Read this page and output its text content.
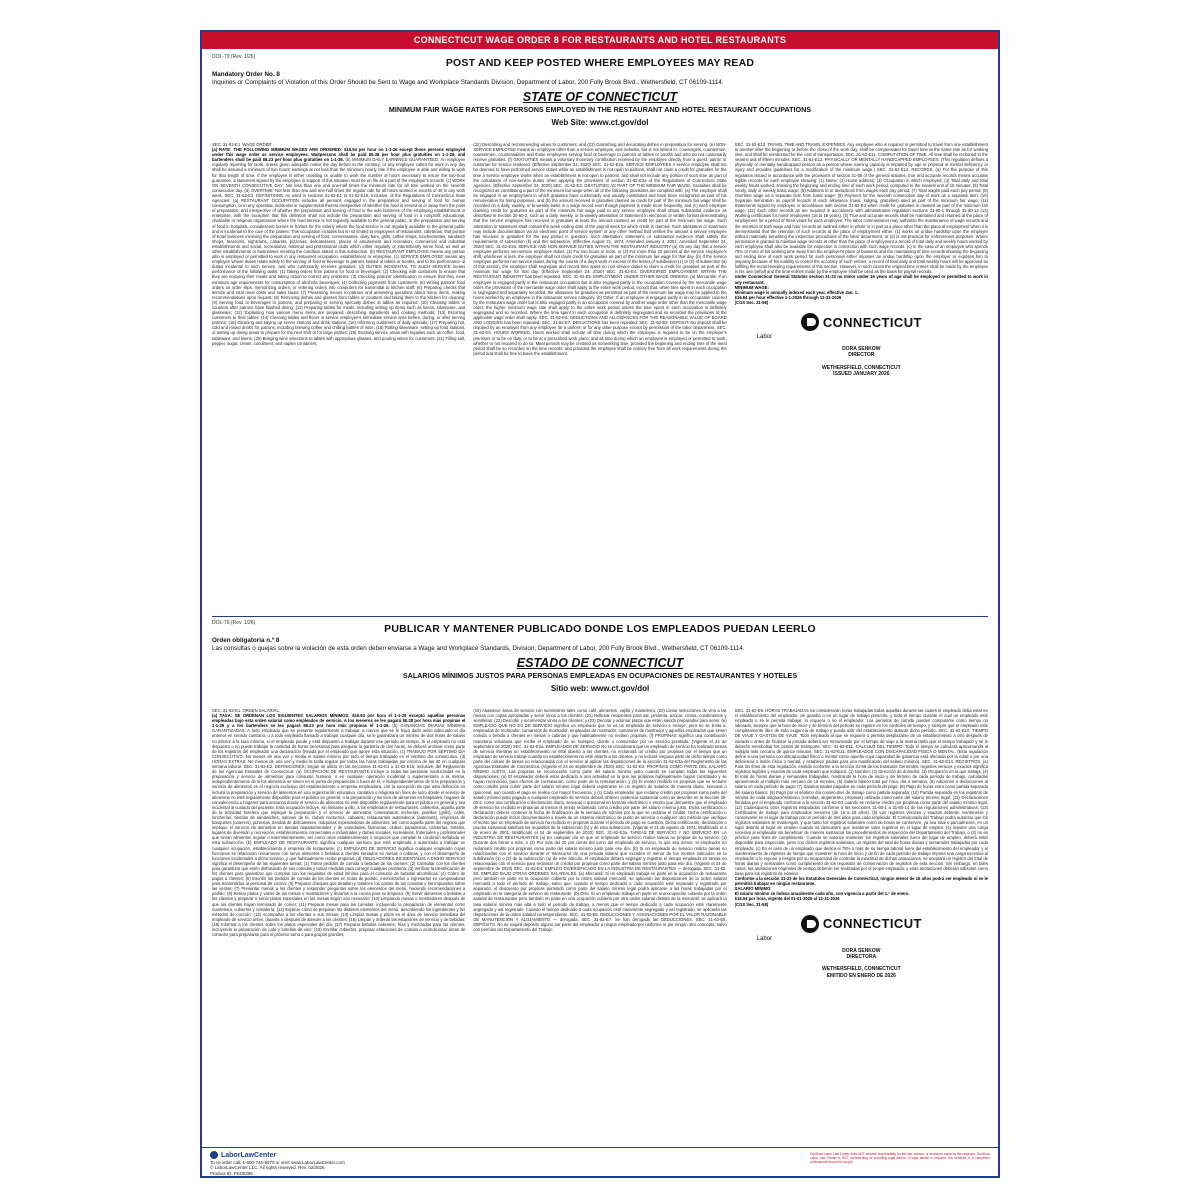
CONNECTICUT WAGE ORDER 8 FOR RESTAURANTS AND HOTEL RESTAURANTS
DOL-79 (Rev. 1/26)	POST AND KEEP POSTED WHERE EMPLOYEES MAY READ
Mandatory Order No. 8
Inquiries or Complaints of Violation of this Order Should be Sent to Wage and Workplace Standards Division, Department of Labor, 200 Folly Brook Blvd., Wethersfield, CT 06109-1114.
STATE OF CONNECTICUT
MINIMUM FAIR WAGE RATES FOR PERSONS EMPLOYED IN THE RESTAURANT AND HOTEL RESTAURANT OCCUPATIONS
Web Site: www.ct.gov/dol
SEC. 31-62-E1. WAGE ORDER:
(a) RATE: THE FOLLOWING MINIMUM WAGES ARE ORDERED: $16.94 per hour on 1-1-26 except those persons employed under this wage order as service employees. Waitpersons shall be paid $6.38 per hour plus gratuities on 1-1-26, and bartenders shall be paid $8.23 per hour plus gratuities on 1-1-26. (b) MINIMUM DAILY EARNINGS GUARANTEED: An employee regularly reporting for work, unless given adequate notice the day before to the contrary, or any employee called for work in any day shall be assured a minimum of two hours' earnings at not less than the minimum hourly rate if the employee is able and willing to work for that length of time. If the employee is either unwilling or unable to work the number of hours necessary to insure the two-hour guarantee, a statement signed by the employee in support of this situation must be on file as a part of the employer's records. (c) WORK ON SEVENTH CONSECUTIVE DAY: Not less than one and one-half times the minimum rate for all time worked on the seventh consecutive day. (d) OVERTIME: Not less than one and one-half times the regular rate for all hours worked in excess of 40 in any work week. SEC. 31-62-E2. DEFINITIONS: As used in sections 31-62-E1 to 31-62-E15, inclusive, of the Regulations of Connecticut State Agencies: (a) RESTAURANT OCCUPATION includes all persons engaged in the preparation and serving of food for human consumption, or in any operation incidental or supplemental thereto irrespective of whether the food is served at or away from the point of preparation, and irrespective of whether the preparation and serving of food is the sole business of the employing establishment or enterprise, with the exception that this definition shall not include the preparation and serving of food in a nonprofit educational, charitable or religious organization where the food service is not regularly available to the general public, or the preparation and serving of food in hospitals, convalescent homes or homes for the elderly where the food service is not regularly available to the general public and is incidental to the care of the patient. This occupation includes but is not limited to employees of restaurants, cafeterias, that portion of hotel business involving the preparation and serving of food, commissaries, dairy bars, grills, coffee shops, luncheonettes, sandwich shops, tearooms, nightclubs, cabarets, pizzerias, delicatessens, places of amusement and recreation, commercial and industrial establishments and social, recreational, fraternal and professional clubs which either regularly or intermittently serve food, as well as other establishments or businesses meeting the condition stated in this subsection. (b) RESTAURANT EMPLOYEE means any person who is employed or permitted to work in any restaurant occupation, establishment or enterprise. (c) SERVICE EMPLOYEE means any employee whose duties relate solely to the serving of food or beverage to patrons seated at tables or booths, and to the performance of duties incidental to such service, and who customarily receives gratuities. (d) DUTIES INCIDENTAL TO SUCH SERVICE means performance of the following tasks: (1) Taking orders from patrons for food or beverages; (2) Checking with customers to ensure that they are enjoying their meals and taking action to correct any problems; (3) Checking patrons' identification to ensure that they meet minimum age requirements for consumption of alcoholic beverages; (4) Collecting payments from customers; (5) Writing patrons' food orders on order slips, memorizing orders, or entering orders into computers for transmittal to kitchen staff; (6) Preparing checks that itemize and total meal costs and sales taxes; (7) Presenting menus to patrons and answering questions about menu items, making recommendations upon request; (8) Removing dishes and glasses from tables or counters and taking them to the kitchen for cleaning; (9) Serving food or beverages to patrons, and preparing or serving specialty dishes at tables as required; (10) Cleaning tables or counters after patrons have finished dining; (11) Preparing tables for meals, including setting up items such as linens, silverware, and glassware; (12) Explaining how various menu items are prepared, describing ingredients and cooking methods; (13) Escorting customers to their tables; (14) Cleaning tables and floors in service employee's immediate service area before, during, or after serving patrons; (15) Cleaning and tidying up server stations and drink stations; (16) Informing customers of daily specials; (17) Preparing hot, cold and mixed drinks for patrons, including brewing coffee and chilling bottles of wine; (18) Rolling silverware, setting up food stations, or setting up dining areas to prepare for the next shift or for large parties; (19) Stocking service areas with supplies such as coffee, food, tableware, and linens; (20) Bringing wine selections to tables with appropriate glasses, and pouring wines for customers; (21) Filling salt, pepper, sugar, cream, condiment, and napkin containers;
(22) Describing and recommending wines to customers; and (23) Garnishing and decorating dishes in preparation for serving. (e) NON-SERVICE EMPLOYEE means an employee other than a service employee, and includes, but is not limited to, countergirls, countermen, countermen, counterwaiters and those employees serving food or beverage to patrons at tables or booths and who do not customarily receive gratuities. (f) GRATUITIES means a voluntary monetary contribution received by the employee directly from a guest, patron or customer for service rendered. (Effective September 24, 2020) SEC. 31-62-E2a. SERVICE EMPLOYEES A service employee shall not be deemed to have performed service duties while an establishment is not open to patrons, shall not claim a credit for gratuities for the time a service employee works when an establishment is not open to patrons, and shall not include any portion of such time as part of the calculation of non-service duties when applying the provisions of section 31-62-E3a of the Regulations of Connecticut State Agencies. (Effective September 24, 2020) SEC. 31-62-E3. GRATUITIES AS PART OF THE MINIMUM FAIR WAGE. Gratuities shall be recognized as constituting a part of the minimum fair wage when all of the following provisions are complied with: (a) The employer shall be engaged in an employment in which gratuities have customarily and usually constituted and have been recognized as part of his remuneration for hiring purposes, and (b) the amount received in gratuities claimed as credit for part of the minimum fair wage shall be recorded on a daily, weekly, or bi-weekly basis in a wage record even though payment is made more frequently, and (c) each employer claiming credit for gratuities as part of the minimum fair wage paid to any service employee shall obtain substantial evidence as described in Section 30-60-2, such as a daily, weekly, or bi-weekly attestation or statement in electronic or written format demonstrating that the service employee has received in gratuities at least the amount claimed as credit for part of the minimum fair wage. Such attestation or statement shall contain the week ending date of the payroll week for which credit is claimed. Such attestation or statement may include documentation via an electronic point of service system or any other method that verifies the amount a service employee has received in gratuities for the pay period in question. Such attestation, statement, or substantial evidence shall satisfy the requirements of subsection (b) and this subsection. (Effective August 21, 1974; Amended January 4, 2001; Amended September 24, 2020) SEC. 31-62-E3a. SERVICE AND NON-SERVICE DUTIES WITHIN THE RESTAURANT INDUSTRY (a) On any day that a service employee performs non-service employee duties: (1) For two hours or more, or (2) For more than 20 percent of the service employee's shift, whichever is less, the employer shall not claim credit for gratuities as part of the minimum fair wage for that day. (b) If the service employee performs non-service duties during the course of a day's work in excess of the lesser of subdivision (1) or (2) of subsection (a) of this section, the employer shall segregate and record time spent on non-service duties to claim a credit for gratuities as part of the minimum fair wage for that day. (Effective September 24, 2020) SEC. 31-62-E4. DIVERSIFIED EMPLOYMENT WITHIN THE RESTAURANT INDUSTRY has been repealed. SEC. 31-62-E5. EMPLOYMENT UNDER OTHER WAGE ORDERS. (a) Mercantile: If an employee is engaged partly in the restaurant occupation but is also engaged partly in the occupation covered by the mercantile wage order, the provisions of the mercantile wage order shall apply to the entire work period, except that, when time spent in each occupation is segregated and separately recorded, the allowance for gratuities as permitted as part of the minimum fair wage may be applied to the hours worked by an employee in the restaurant service category. (b) Other: If an employee is engaged partly in an occupation covered by the restaurant wage order but is also engaged partly in an occupation covered by another wage order other than the mercantile wage order, the higher minimum wage rate shall apply to the entire work period unless the time spent in each occupation is definitely segregated and so recorded. Where the time spent in each occupation is definitely segregated and so recorded the provisions of the applicable wage order shall apply. SEC. 31-62-E6. DEDUCTIONS AND ALLOWANCES FOR THE REASONABLE VALUE OF BOARD AND LODGING has been repealed. SEC. 31-62-E7. DEDUCTIONS has been repealed. SEC. 31-62-E8. DEPOSIT. No deposit shall be required by an employer from any employee for a uniform or for any other purpose except by permission of the labor department. SEC. 31-62-E9. HOURS WORKED. Hours worked shall include all time during which the employee is required to be on the employer's premises or to be on duty, or to be at a prescribed work place, and all time during which an employee is employed or permitted to work, whether or not required to do so. Meal periods may be credited as nonworking time, provided the beginning and ending time of the meal period shall be so recorded on the time records, and provided the employee shall be entirely free from all work requirements during the period and shall be free to leave the establishment.
SEC. 31-62-E10. TRAVEL TIME AND TRAVEL EXPENSES. Any employee who is required or permitted to travel from one establishment to another after the beginning or before the close of the work day, shall be compensated for travel time at the same rate as for working time, and shall be reimbursed for the cost of transportation. SEC. 31-62-E11. COMPUTATION OF TIME. All time shall be reckoned to the nearest unit of fifteen minutes. SEC. 31-62-E12. PHYSICALLY OR MENTALLY HANDICAPPED EMPLOYEES. (This regulation defines a physically or mentally handicapped person as a person whose earning capacity is impaired by age or physical or mental deficiency or injury and provides guidelines for a modification of the minimum wage.) SEC. 31-62-E14. RECORDS. (a) For the purpose of this regulation issued in accordance with the provisions of section 31-66 of the general statutes, true and accurate records means accurate legible records for each employee showing: (1) Name; (2) Home address; (3) Occupation in which employed; (4) Total daily and total weekly hours worked, showing the beginning and ending time of each work period, computed to the nearest unit of 15 minutes; (5) Total hourly, daily or weekly basic wage; (6) Additions to or deductions from wages each pay period; (7) Total wages paid each pay period; (8) Overtime wage as a separate item from basic wage; (9) Payment for the seventh consecutive day of work as a separate item; (10) Separate itemization on payroll records of each allowance (meal, lodging, gratuities) used as part of the minimum fair wage; (11) Statements signed by employee in accordance with section 31-62-E3 when credit for gratuities is claimed as part of the minimum fair wage; (12) Such other records as are required in accordance with administrative regulation sections 31-60-1 through 31-60-14 (13) Working certificates for minor employees (16 to 18 years). (b) True and accurate records shall be maintained and retained at the place of employment for a period of three years for each employee. The labor commissioner may authorize the maintenance of wage records and the retention of both wage and hour records as outlined either in whole or in part at a place other than the place of employment when it is demonstrated that the retention of such records at the place of employment either: (1) works an undue hardship upon the employer without materially benefiting the inspection procedures of the labor department, or (2) is not practical for enforcement purposes. Where permission is granted to maintain wage records at other than the place of employment a record of total daily and weekly hours worked by each employee shall also be available for inspection in connection with such wage records. (c) In the case of an employee who spends 75% or more of his working time away from the employer's place of business and the maintaining of time records showing the beginning and ending time of each work period for such personnel either imposes an undue hardship upon the employer or exposes him to jeopardy because of his inability to control the accuracy of such entries, a record of total daily and total weekly hours will be approved as fulfilling the record-keeping requirements of this section. However, in such cases the original time entries shall be made by the employee in his own behalf and the time entries made by the employee shall be used as the basis for payroll records.
Under Connecticut General Statutes section 31-23 no minor under 16 years of age shall be employed or permitted to work in any restaurant.
MINIMUM WAGE:
Minimum wage is annually indexed each year, effective Jan. 1.
$16.94 per hour effective 1-1-2026 through 12-31-2026
(CGS Sec. 31-58)
CONNECTICUT
Labor
DORA SENKOW
DIRECTOR
WETHERSFIELD, CONNECTICUT
ISSUED JANUARY 2026
DOL-79 (Rev. 1/26)	PUBLICAR Y MANTENER PUBLICADO DONDE LOS EMPLEADOS PUEDAN LEERLO
Orden obligatoria n.º 8
Las consultas o quejas sobre la violación de esta orden deben enviarse a Wage and Workplace Standards, Division, Department of Labor, 200 Folly Brook Blvd., Wethersfield, CT 06109-1114.
ESTADO DE CONNECTICUT
SALARIOS MÍNIMOS JUSTOS PARA PERSONAS EMPLEADAS EN OCUPACIONES DE RESTAURANTES Y HOTELES
Sitio web: www.ct.gov/dol
SEC. 31-62-E1. ORDEN SALARIAL:
(a) TASA: SE ORDENAN LOS SIGUIENTES SALARIOS MÍNIMOS: $16.94 por hora el 1-1-26 excepto aquellas personas empleadas bajo esta orden salarial como empleados de servicio. A los meseros se les pagará $6.38 por hora más propinas el 1-1-26 y a los bartenders se les pagará $8.23 por hora más propinas el 1-1-26. (b) GANANCIAS DIARIAS MÍNIMAS GARANTIZADAS: A todo empleado que se presente regularmente a trabajar, a menos que se le haya dado aviso adecuado el día anterior en sentido contrario, o a todo empleado llamado a trabajar cualquier día, se le garantizará un mínimo de dos horas de salario no inferior a la tasa mínima, si el empleado puede y está dispuesto a trabajar durante ese período de tiempo. Si el empleado no está dispuesto o no puede trabajar la cantidad de horas necesarias para asegurar la garantía de dos horas, se deberá archivar como parte de los registros del empleador una declaración firmada por el empleado que apoye esta situación. (c) TRABAJO POR SÉPTIMO DÍA CONSECUTIVO: No menos de una vez y media el salario mínimo por todo el tiempo trabajado en el séptimo día consecutivo. (d) HORAS EXTRAS: No menos de una vez y media la tarifa regular por todas las horas trabajadas por encima de las 40 en cualquier semana laboral. SEC. 31-62-E2. DEFINICIONES: Según se utiliza en las secciones 31-62-E1 a 31-62-E15, inclusive, del Reglamento de las Agencias Estatales de Connecticut: (a) OCUPACIÓN DE RESTAURANTE incluye a todas las personas involucradas en la preparación y servicio de alimentos para consumo humano, o en cualquier operación incidental o suplementaria a la misma, independientemente de si los alimentos se sirven en el punto de preparación o fuera de él, e independientemente de si la preparación y servicio de alimentos es el negocio exclusivo del establecimiento o empresa empleadora, con la excepción de que esta definición no incluirá la preparación y servicio de alimentos en una organización educativa, caritativa o religiosa sin fines de lucro donde el servicio de alimentos no esté regularmente disponible para el público en general, o la preparación y servicio de alimentos en hospitales, hogares de convalecencia u hogares para ancianos donde el servicio de alimentos no esté disponible regularmente para el público en general y sea incidental al cuidado del paciente. Esta ocupación incluye, sin limitarse a ello, a los empleados de restaurantes, cafeterías, aquella parte de la actividad hotelera que implique la preparación y el servicio de alimentos, comisariatos, lecherías, parrillas (grills), cafés, loncherías, tiendas de sándwiches, salones de té, clubes nocturnos, cabarets, restaurantes automáticos (automats), empresas de banquetes (caterers), pizzerías, tiendas de delicatessen, máquinas expendedoras de alimentos, así como aquella parte del negocio que implique el servicio de alimentos en tiendas departamentales y de variedades, farmacias, clubes, panaderías, cafeterías, hoteles, lugares de diversión y recreación, establecimientos comerciales e industriales y clubes sociales, recreativos, fraternales y profesionales que sirvan alimentos regular o intermitentemente, así como otros establecimientos o negocios que cumplan la condición señalada en esta subsección. (b) EMPLEADO DE RESTAURANTE significa cualquier persona que esté empleada o autorizada a trabajar en cualquier ocupación, establecimiento o empresa de restaurante. (c) EMPLEADO DE SERVICIO significa cualquier empleado cuyas funciones se relacionan únicamente con servir alimentos o bebidas a clientes sentados en mesas o cabinas, y con el desempeño de funciones incidentales a dicho servicio, y que habitualmente recibe propinas. (d) OBLIGACIONES INCIDENTALES A DICHO SERVICIO significa el desempeño de las siguientes tareas: (1) Tomar pedidos de comida o bebidas de los clientes; (2) Consultar con los clientes para garantizar que estén disfrutando de sus comidas y tomar medidas para corregir cualquier problema; (3) Verificar la identificación de los clientes para garantizar que cumplan con los requisitos de edad mínima para el consumo de bebidas alcohólicas; (4) Cobro de pagos a clientes; (5) Escribir los pedidos de comida de los clientes en notas de pedido, memorizarlos o ingresarlos en computadoras para transmitirlos al personal de cocina; (6) Preparar cheques que detallen y totalicen los costos de las comidas y los impuestos sobre las ventas; (7) Presentar menús a los clientes y responder preguntas sobre los elementos del menú, haciendo recomendaciones a pedido; (8) Retirar platos y vasos de las mesas o mostradores y llevarlos a la cocina para su limpieza; (9) Servir alimentos o bebidas a los clientes y preparar o servir platos especiales en las mesas según sea necesario; (10) Limpiando mesas o mostradores después de que los clientes hayan terminado de comer; (11) Preparar mesas para las comidas, incluyendo la preparación de elementos como mantelería, cubiertos y cristalería; (12) Explicar cómo se preparan los distintos elementos del menú, describiendo los ingredientes y los métodos de cocción; (13) Acompañar a los clientes a sus mesas; (14) Limpiar mesas y pisos en el área de servicio inmediata del empleado de servicio antes, durante o después de atender a los clientes; (15) Limpiar y ordenar las estaciones de servicio y de bebidas; (16) Informar a los clientes sobre los platos especiales del día; (17) Preparar bebidas calientes, frías y mezcladas para los clientes, incluyendo la preparación de café y botellas de vino; (18) Enrollar cubiertos, preparar estaciones de comida o acondicionar áreas de comedor para prepararse para el próximo turno o para grupos grandes;
(19) Abastecer áreas de servicio con suministros tales como café, alimentos, vajilla y mantelería; (20) Llevar selecciones de vino a las mesas con copas apropiadas y servir vinos a los clientes; (21) Rellenar recipientes para sal, pimienta, azúcar, crema, condimentos y servilletas; (22) Describir y recomendar vinos a los clientes; y (23) Decorar y adornar platos que estén siendo preparados para servir. (e) EMPLEADO QUE NO ES DE SERVICIO significa un empleado que no es un empleado de servicio e incluye, pero no se limita a, empleadas de mostrador, camareros de mostrador, empleados de mostrador, camareros de mostrador y aquellos empleados que sirven comida o bebida a clientes en mesas o cabinas y que habitualmente no reciben propinas. (f) PROPINAS significa una contribución monetaria voluntaria que recibe el empleado de un huésped, cliente o consumidor por un servicio prestado. (Vigente el 24 de septiembre de 2020) SEC. 31-62-E2a. EMPLEADOS DE SERVICIO No se considerará que un empleado de servicio ha realizado tareas de servicio mientras un establecimiento no esté abierto a los clientes, no reclamará un crédito por propinas por el tiempo que un empleado de servicio trabaje cuando un establecimiento no esté abierto a los clientes, y no incluirá ninguna parte de dicho tiempo como parte del cálculo de tareas no relacionadas con el servicio al aplicar las disposiciones de la sección 31-62-E3a del Reglamento de las Agencias Estatales de Connecticut. (Vigente el 24 de septiembre de 2020) SEC. 31-62-E3. PROPINAS COMO PARTE DEL SALARIO MÍNIMO JUSTO. Las propinas se reconocerán como parte del salario mínimo justo cuando se cumplan todas las siguientes disposiciones: (a) El empleador deberá estar dedicado a una actividad en la que las propinas habitualmente hayan constituido y se hayan reconocido, para efectos de contratación, como parte de la remuneración; y (b) El monto recibido en propinas que se reclame como crédito para cubrir parte del salario mínimo legal deberá registrarse en un registro de salarios de manera diaria, semanal o quincenal, aun cuando el pago se realice con mayor frecuencia; y (c) Cada empleador que reclame crédito por propinas como parte del salario mínimo justo pagado a cualquier empleado de servicio deberá obtener evidencia sustancial como se describe en la Sección 30-60-2, como una certificación o declaración diaria, semanal o quincenal en formato electrónico o escrito que demuestre que el empleado de servicio ha recibido en propinas al menos el monto reclamado como crédito por parte del salario mínimo justo. Dicha certificación o declaración deberá contener la fecha de finalización de la semana de nómina por la que se reclama el crédito. Dicha certificación o declaración puede incluir documentación a través de un sistema electrónico de punto de servicio o cualquier otro método que verifique el monto que un empleado de servicio ha recibido en propinas durante el período de pago en cuestión. Dicha certificación, declaración o prueba sustancial satisfará los requisitos de la subsección (b) y de esta subsección. (Vigente el 21 de agosto de 1974; Modificado el 4 de enero de 2001; Modificado el 24 de septiembre de 2020) SEC. 31-62-E3a. TAREAS DE SERVICIO Y NO SERVICIO EN LA INDUSTRIA DE RESTAURANTES (a) En cualquier día en que un empleado de servicio realice tareas no propias de su servicio: (1) Durante dos horas o más, o (2) Por más del 20 por ciento del turno del empleado de servicio, lo que sea menor, el empleador no reclamará crédito por propinas como parte del salario mínimo justo para ese día. (b) Si un empleado de servicio realiza tareas no relacionadas con el servicio durante el transcurso de una jornada laboral que exceden el menor de los montos indicados en la subdivisión (1) o (2) de la subsección (a) de este artículo, el empleador deberá segregar y registrar el tiempo empleado en tareas no relacionadas con el servicio para reclamar un crédito por propinas como parte del salario mínimo justo para ese día. (Vigente el 24 de septiembre de 2020) SEC. 31-62-E4. EMPLEO DIVERSIFICADO EN LA INDUSTRIA DE RESTAURANTES — derogada. SEC. 31-62-E5. EMPLEO BAJO OTRAS ÓRDENES SALARIALES. (a) Mercantil: Si un empleado trabaja en parte en la ocupación de restaurante pero también en parte en la ocupación cubierta por la orden salarial mercantil, se aplicarán las disposiciones de la orden salarial mercantil a todo el período de trabajo, salvo que, cuando el tiempo dedicado a cada ocupación esté separado y registrado por separado, el descuento por propinas permitido como parte del salario mínimo legal podrá aplicarse a las horas trabajadas por el empleado en la categoría de servicio de restaurante. (b) Otro: Si un empleado trabaja en parte en una ocupación cubierta por la orden salarial de restaurantes pero también en parte en una ocupación cubierta por otra orden salarial distinta de la mercantil, se aplicará la tasa salarial mínima más alta a todo el período de trabajo, a menos que el tiempo dedicado a cada ocupación esté claramente segregado y así registrado. Cuando el tiempo dedicado a cada ocupación esté claramente segregado y así registrado, se aplicarán las disposiciones de la orden salarial correspondiente. SEC. 31-62-E6. DEDUCCIONES Y ASIGNACIONES POR EL VALOR RAZONABLE DE MANUTENCIÓN Y ALOJAMIENTO — derogada. SEC. 31-62-E7. Se han derogado las DEDUCCIONES. SEC. 31-62-E8. DEPÓSITO. No se exigirá depósito alguno por parte del empleador a ningún empleado por uniforme ni por ningún otro concepto, salvo con permiso del Departamento del Trabajo
SEC. 31-62-E9. HORAS TRABAJADAS Se considerarán horas trabajadas todas aquellas durante las cuales el empleado deba estar en el establecimiento del empleador, de guardia o en un lugar de trabajo prescrito, y todo el tiempo durante el cual un empleado esté empleado o se le permita trabajar, lo requiera o no el empleador. Los períodos de comida pueden computarse como tiempo no laborado, siempre que la hora de inicio y de término del período se registre en los controles de tiempo, y siempre que el empleado esté completamente libre de toda exigencia de trabajo y pueda salir del establecimiento durante dicho período. SEC. 31-62-E10. TIEMPO DE VIAJE Y GASTOS DE VIAJE. Todo empleado al que se requiera o permita desplazarse de un establecimiento a otro después de iniciada o antes de finalizar la jornada deberá ser remunerado por el tiempo de viaje a la misma tarifa que el tiempo trabajado y se le deberán reembolsar los costos de transporte. SEC. 31-62-E11. CÁLCULO DEL TIEMPO. Todo el tiempo se calculará aproximando al múltiplo más cercano de quince minutos. SEC. 31-62-E12. EMPLEADOS CON DISCAPACIDAD FÍSICA O MENTAL. (Esta regulación define a una persona con discapacidad física o mental como aquella cuya capacidad de ganancia está afectada por la edad o por una deficiencia o lesión física o mental, y establece pautas para una modificación del salario mínimo). SEC. 31-62-E14. REGISTROS. (a) Para los fines de esta regulación, emitida conforme a la sección 31-66 de los Estatutos Generales, registros veraces y exactos significa registros legibles y exactos de cada empleado que indiquen: (1) Nombre; (2) Dirección de domicilio; (3) Ocupación en la que trabaja; (4) El total de horas diarias y semanales trabajadas, mostrando la hora de inicio y de término de cada período de trabajo, calculadas aproximando al múltiplo más cercano de 15 minutos; (5) Salario básico total por hora, día o semana; (6) Adiciones o deducciones al salario en cada período de pago; (7) Salarios totales pagados en cada período de pago; (8) Pago de horas extra como partida separada del salario básico; (9) Pago por el séptimo día consecutivo de trabajo como partida separada; (10) Partida separada en los registros de nómina de cada asignación/abono (comidas, alojamiento, propinas) utilizada como parte del salario mínimo legal; (11) Declaraciones firmadas por el empleado conforme a la sección 31-62-E3 cuando se reclame crédito por propinas como parte del salario mínimo legal; (12) Cualesquiera otros registros estipulados conforme a las secciones 31-60-1 a 31-60-14 de las regulaciones administrativas; (13) Certificados de trabajo para empleados menores (de 16 a 18 años). (b) Los registros veraces y exactos deberán mantenerse y conservarse en el lugar de trabajo por un período de tres años para cada empleado. El Comisionado del Trabajo podrá autorizar que los registros salariales se mantengan, y que tanto los registros salariales como de horas se conserven, ya sea total o parcialmente, en un lugar distinto al lugar de empleo cuando se demuestre que mantener tales registros en el lugar de empleo: (1) impone una carga excesiva al empleador sin beneficiar de manera sustancial los procedimientos de inspección del Departamento del Trabajo, o (2) no es práctico para fines de cumplimiento. Cuando se autorice mantener los registros salariales fuera del lugar de empleo, deberá estar disponible para inspección, junto con dichos registros salariales, un registro del total de horas diarias y semanales trabajadas por cada empleado. (c) En el caso de un empleado que dedica el 75% o más de su tiempo laboral fuera del establecimiento del empleador y el mantenimiento de registros de tiempo que muestren la hora de inicio y de fin de cada período de trabajo impone una carga excesiva al empleador o lo expone a riesgos por su incapacidad de controlar la exactitud de dichas anotaciones, se aceptará un registro del total de horas diarias y semanales como cumplimiento de los requisitos de conservación de registros de esta sección. Sin embargo, en tales casos, las anotaciones originales de tiempo deberán ser realizadas por el propio empleado, y esas anotaciones deberán utilizarse como base para los registros de nómina.
Conforme a la sección 31-23 de los Estatutos Generales de Connecticut, ningún menor de 16 años podrá ser empleado ni se le permitirá trabajar en ningún restaurante.
SALARIO MÍNIMO:
El salario mínimo se indexa anualmente cada año, con vigencia a partir del 1.º de enero.
$16.94 por hora, vigente del 01-01-2026 al 12-31-2026
(CGS Sec. 31-58)
CONNECTICUT
Labor
DORA SENKOW
DIRECTORA
WETHERSFIELD, CONNECTICUT
EMITIDO EN ENERO DE 2026
LaborLawCenter
To re-order call: 1-800-745-9970 or visit: www.LaborLawCenter.com
© LaborLawCenter LLC. All rights reserved. Rev. 02/2026
Product ID: FED0395
GovDocs Labor Law Center does NOT assume responsibility for the use, actions, or decisions made by the employer. GovDocs Labor Law Center is NOT representing or providing legal advice. If legal advice is required, the services of a competent professional should be sought.
